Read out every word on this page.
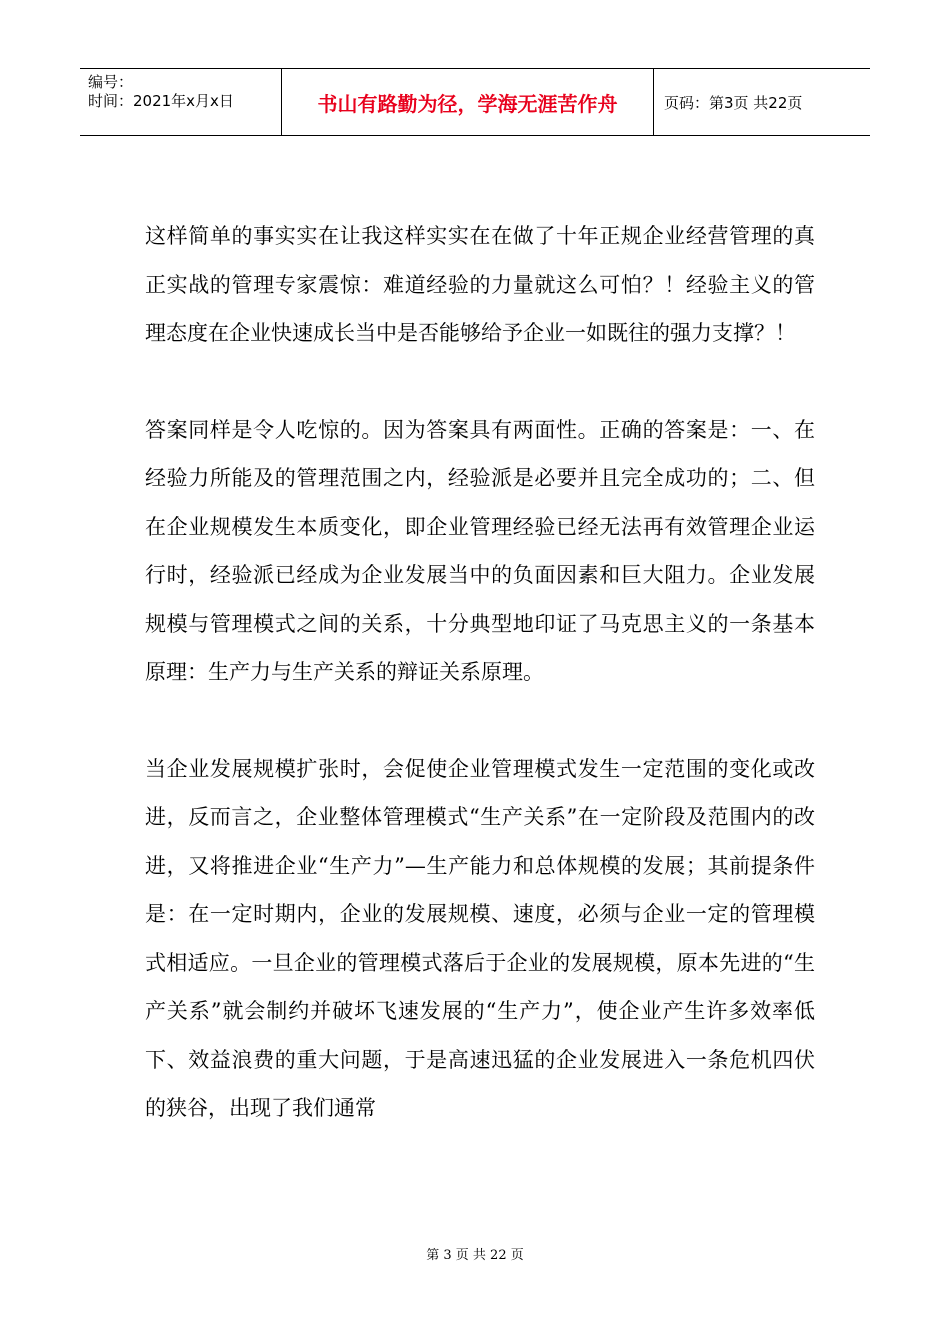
编号：
时间：2021年x月x日	书山有路勤为径，学海无涯苦作舟	页码：第3页 共22页

这样简单的事实实在让我这样实实在在做了十年正规企业经营管理的真正实战的管理专家震惊：难道经验的力量就这么可怕？！经验主义的管理态度在企业快速成长当中是否能够给予企业一如既往的强力支撑？！

答案同样是令人吃惊的。因为答案具有两面性。正确的答案是：一、在经验力所能及的管理范围之内，经验派是必要并且完全成功的；二、但在企业规模发生本质变化，即企业管理经验已经无法再有效管理企业运行时，经验派已经成为企业发展当中的负面因素和巨大阻力。企业发展规模与管理模式之间的关系，十分典型地印证了马克思主义的一条基本原理：生产力与生产关系的辩证关系原理。

当企业发展规模扩张时，会促使企业管理模式发生一定范围的变化或改进，反而言之，企业整体管理模式“生产关系”在一定阶段及范围内的改进，又将推进企业“生产力”—生产能力和总体规模的发展；其前提条件是：在一定时期内，企业的发展规模、速度，必须与企业一定的管理模式相适应。一旦企业的管理模式落后于企业的发展规模，原本先进的“生产关系”就会制约并破坏飞速发展的“生产力”，使企业产生许多效率低下、效益浪费的重大问题，于是高速迅猛的企业发展进入一条危机四伏的狭谷，出现了我们通常

第 3 页 共 22 页
